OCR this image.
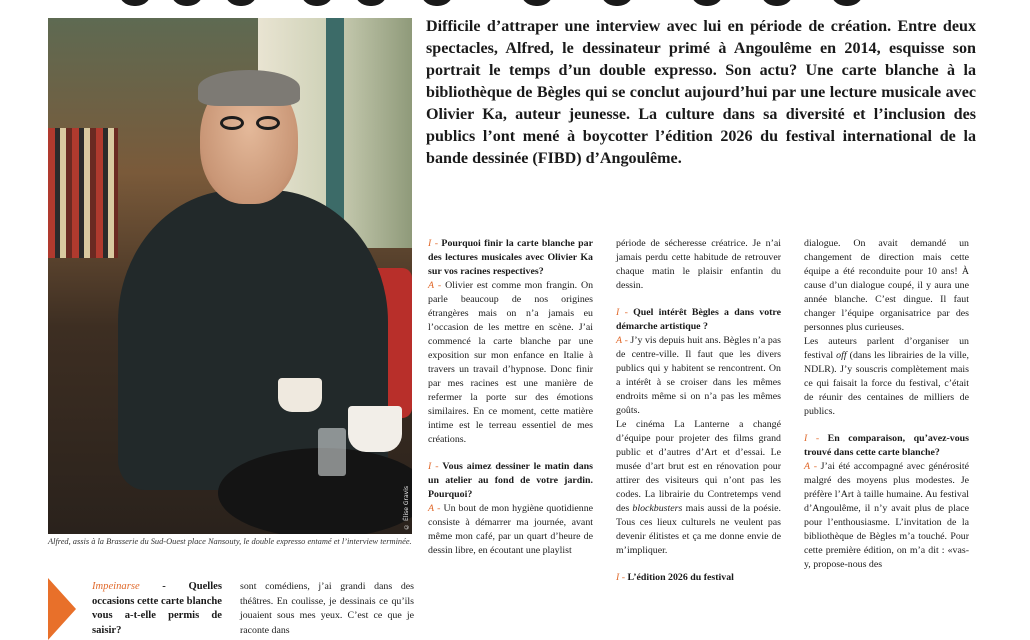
© Élise Gravis
Alfred, assis à la Brasserie du Sud-Ouest place Nansouty, le double expresso entamé et l’interview terminée.
Difficile d’attraper une interview avec lui en période de création. Entre deux spectacles, Alfred, le dessinateur primé à Angoulême en 2014, esquisse son portrait le temps d’un double expresso. Son actu? Une carte blanche à la bibliothèque de Bègles qui se conclut aujourd’hui par une lecture musicale avec Olivier Ka, auteur jeunesse. La culture dans sa diversité et l’inclusion des publics l’ont mené à boycotter l’édition 2026 du festival international de la bande dessinée (FIBD) d’Angoulême.

I - Pourquoi finir la carte blanche par des lectures musicales avec Olivier Ka sur vos racines respectives?

A - Olivier est comme mon frangin. On parle beaucoup de nos origines étrangères mais on n’a jamais eu l’occasion de les mettre en scène. J’ai commencé la carte blanche par une exposition sur mon enfance en Italie à travers un travail d’hypnose. Donc finir par mes racines est une manière de refermer la porte sur des émotions similaires. En ce moment, cette matière intime est le terreau essentiel de mes créations.

I - Vous aimez dessiner le matin dans un atelier au fond de votre jardin. Pourquoi?

A - Un bout de mon hygiène quotidienne consiste à démarrer ma journée, avant même mon café, par un quart d’heure de dessin libre, en écoutant une playlist

période de sécheresse créatrice. Je n’ai jamais perdu cette habitude de retrouver chaque matin le plaisir enfantin du dessin.

I - Quel intérêt Bègles a dans votre démarche artistique ?

A - J’y vis depuis huit ans. Bègles n’a pas de centre-ville. Il faut que les divers publics qui y habitent se rencontrent. On a intérêt à se croiser dans les mêmes endroits même si on n’a pas les mêmes goûts.

Le cinéma La Lanterne a changé d’équipe pour projeter des films grand public et d’autres d’Art et d’essai. Le musée d’art brut est en rénovation pour attirer des visiteurs qui n’ont pas les codes. La librairie du Contretemps vend des blockbusters mais aussi de la poésie. Tous ces lieux culturels ne veulent pas devenir élitistes et ça me donne envie de m’impliquer.

I - L’édition 2026 du festival

dialogue. On avait demandé un changement de direction mais cette équipe a été reconduite pour 10 ans! À cause d’un dialogue coupé, il y aura une année blanche. C’est dingue. Il faut changer l’équipe organisatrice par des personnes plus curieuses.

Les auteurs parlent d’organiser un festival off (dans les librairies de la ville, NDLR). J’y souscris complètement mais ce qui faisait la force du festival, c’était de réunir des centaines de milliers de publics.

I - En comparaison, qu’avez-vous trouvé dans cette carte blanche?

A - J’ai été accompagné avec générosité malgré des moyens plus modestes. Je préfère l’Art à taille humaine. Au festival d’Angoulême, il n’y avait plus de place pour l’enthousiasme. L’invitation de la bibliothèque de Bègles m’a touché. Pour cette première édition, on m’a dit : «vas-y, propose-nous des

Impeinarse - Quelles occasions cette carte blanche vous a-t-elle permis de saisir?
sont comédiens, j’ai grandi dans des théâtres. En coulisse, je dessinais ce qu’ils jouaient sous mes yeux. C’est ce que je raconte dans
